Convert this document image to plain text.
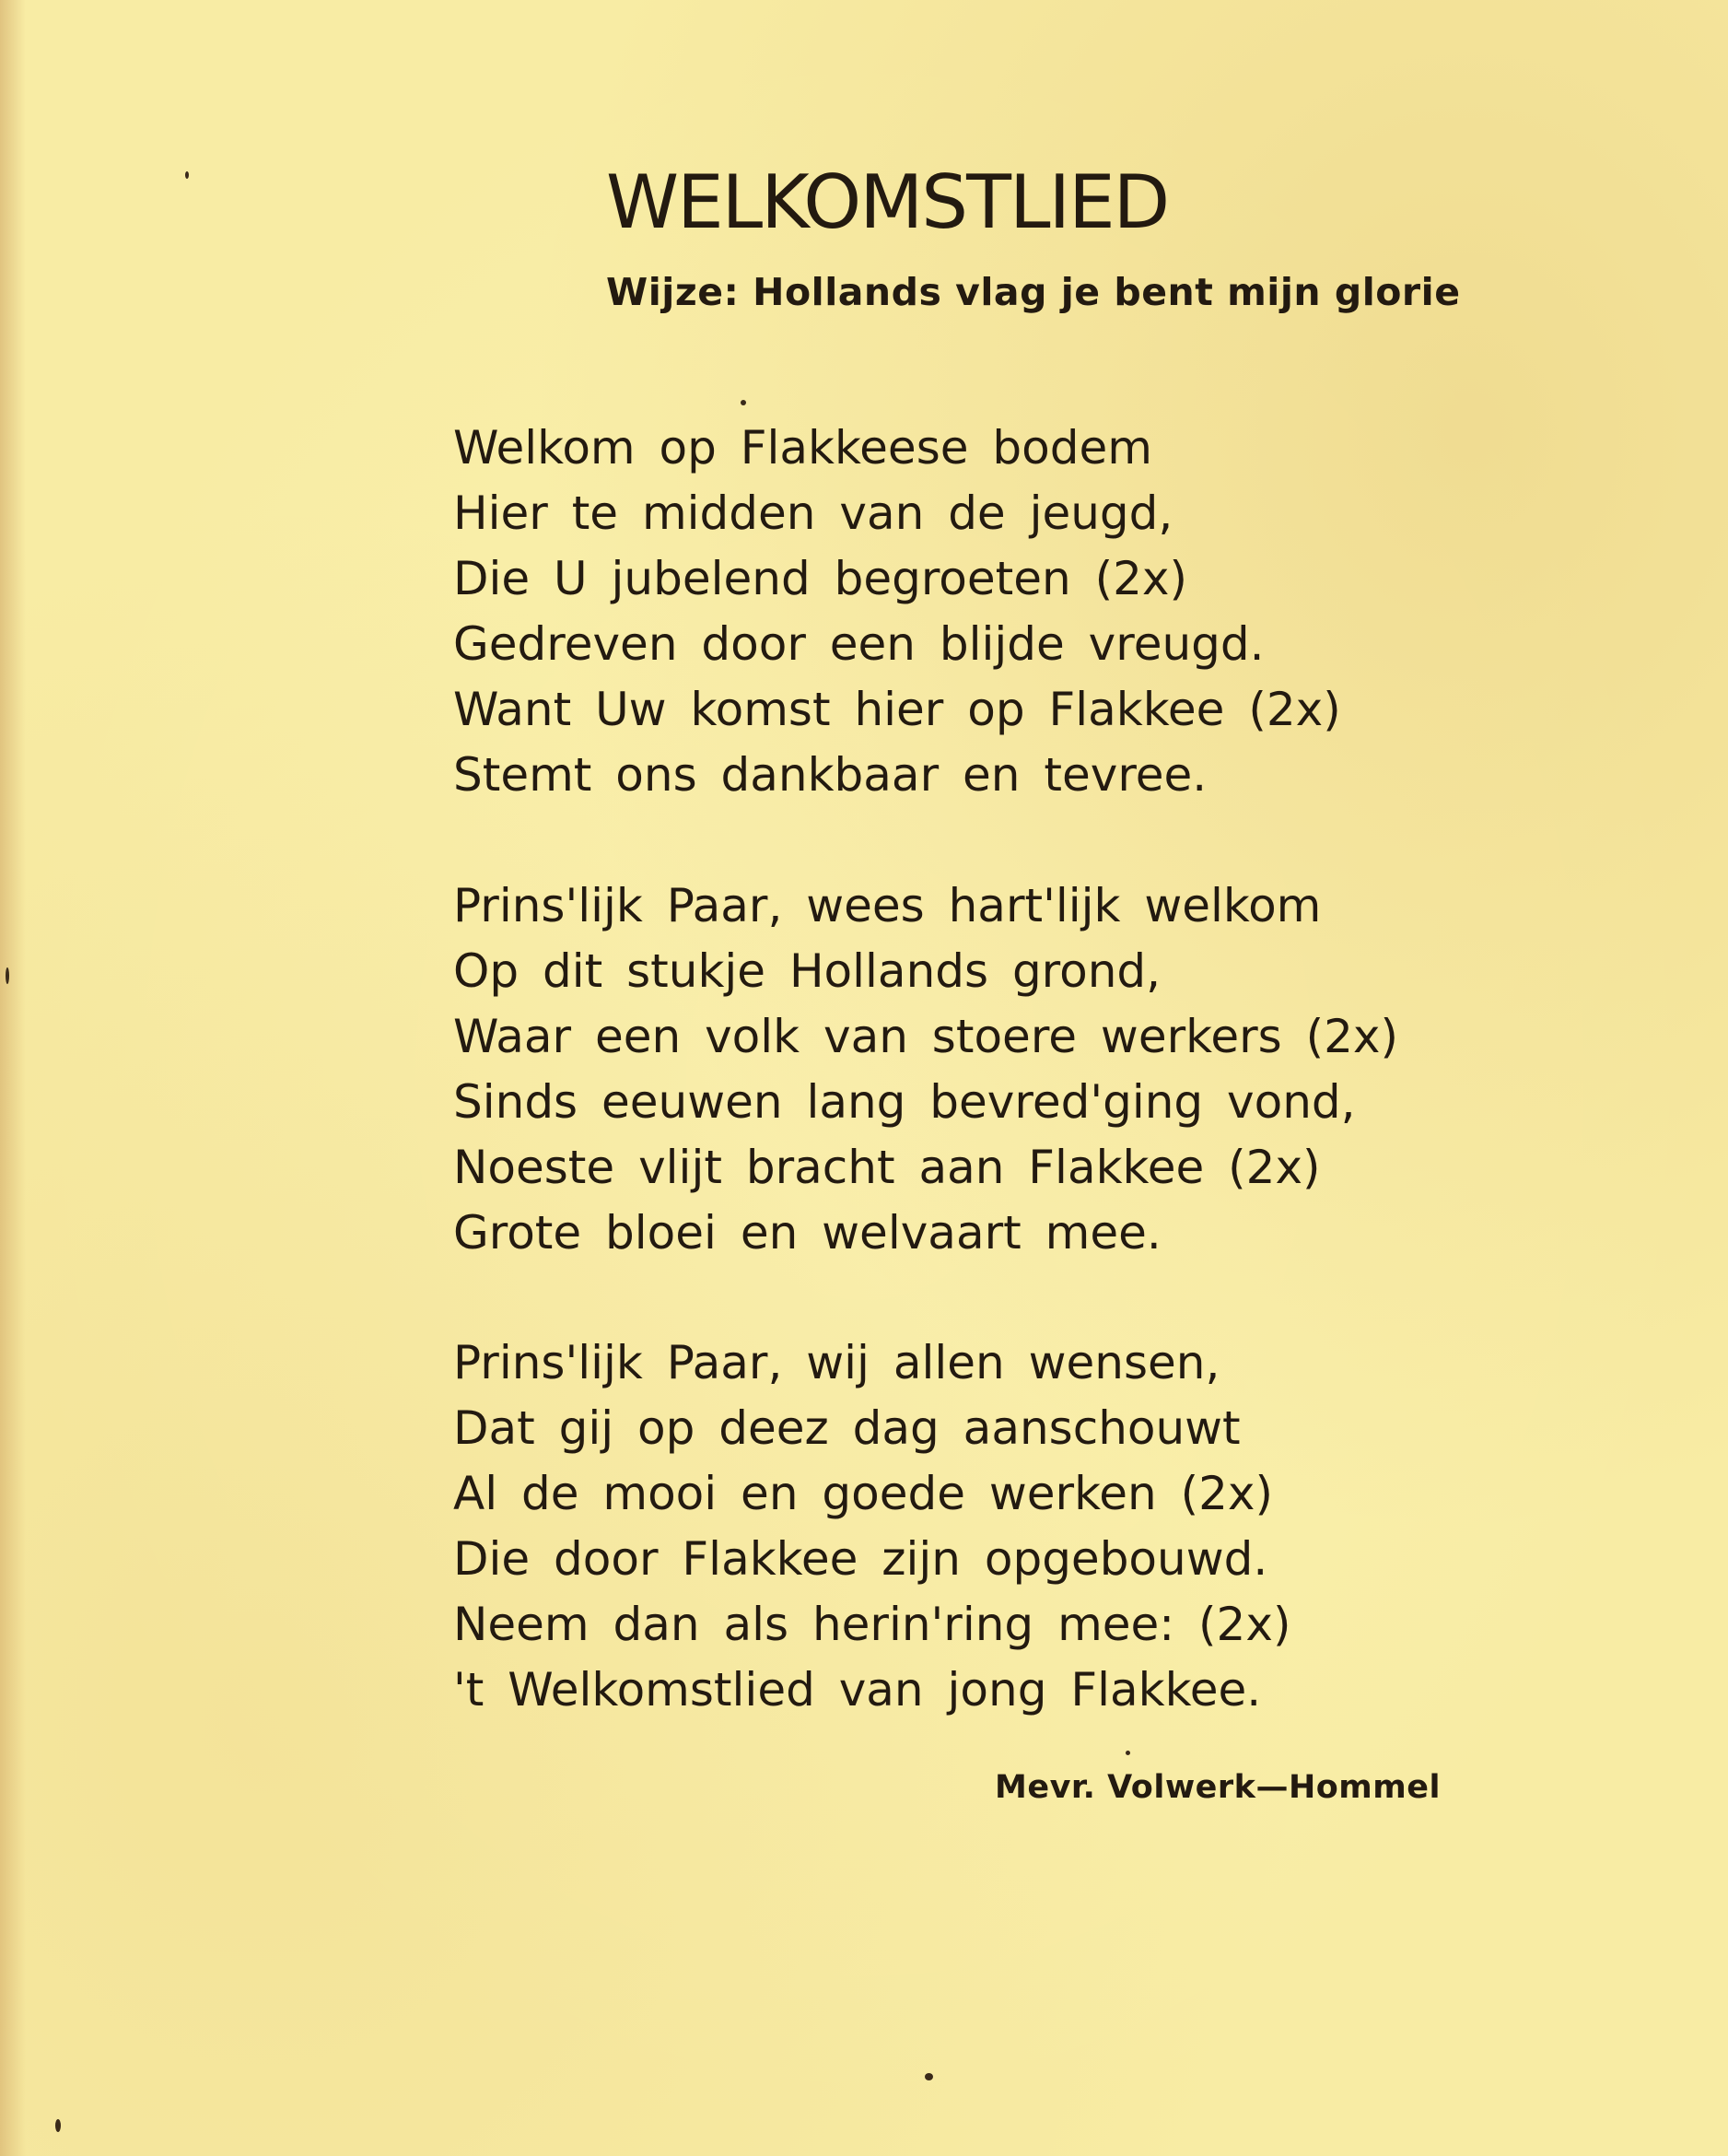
WELKOMSTLIED
Wijze: Hollands vlag je bent mijn glorie
Welkom op Flakkeese bodem
Hier te midden van de jeugd,
Die U jubelend begroeten (2x)
Gedreven door een blijde vreugd.
Want Uw komst hier op Flakkee (2x)
Stemt ons dankbaar en tevree.
Prins'lijk Paar, wees hart'lijk welkom
Op dit stukje Hollands grond,
Waar een volk van stoere werkers (2x)
Sinds eeuwen lang bevred'ging vond,
Noeste vlijt bracht aan Flakkee (2x)
Grote bloei en welvaart mee.
Prins'lijk Paar, wij allen wensen,
Dat gij op deez dag aanschouwt
Al de mooi en goede werken (2x)
Die door Flakkee zijn opgebouwd.
Neem dan als herin'ring mee: (2x)
't Welkomstlied van jong Flakkee.
Mevr. Volwerk—Hommel
